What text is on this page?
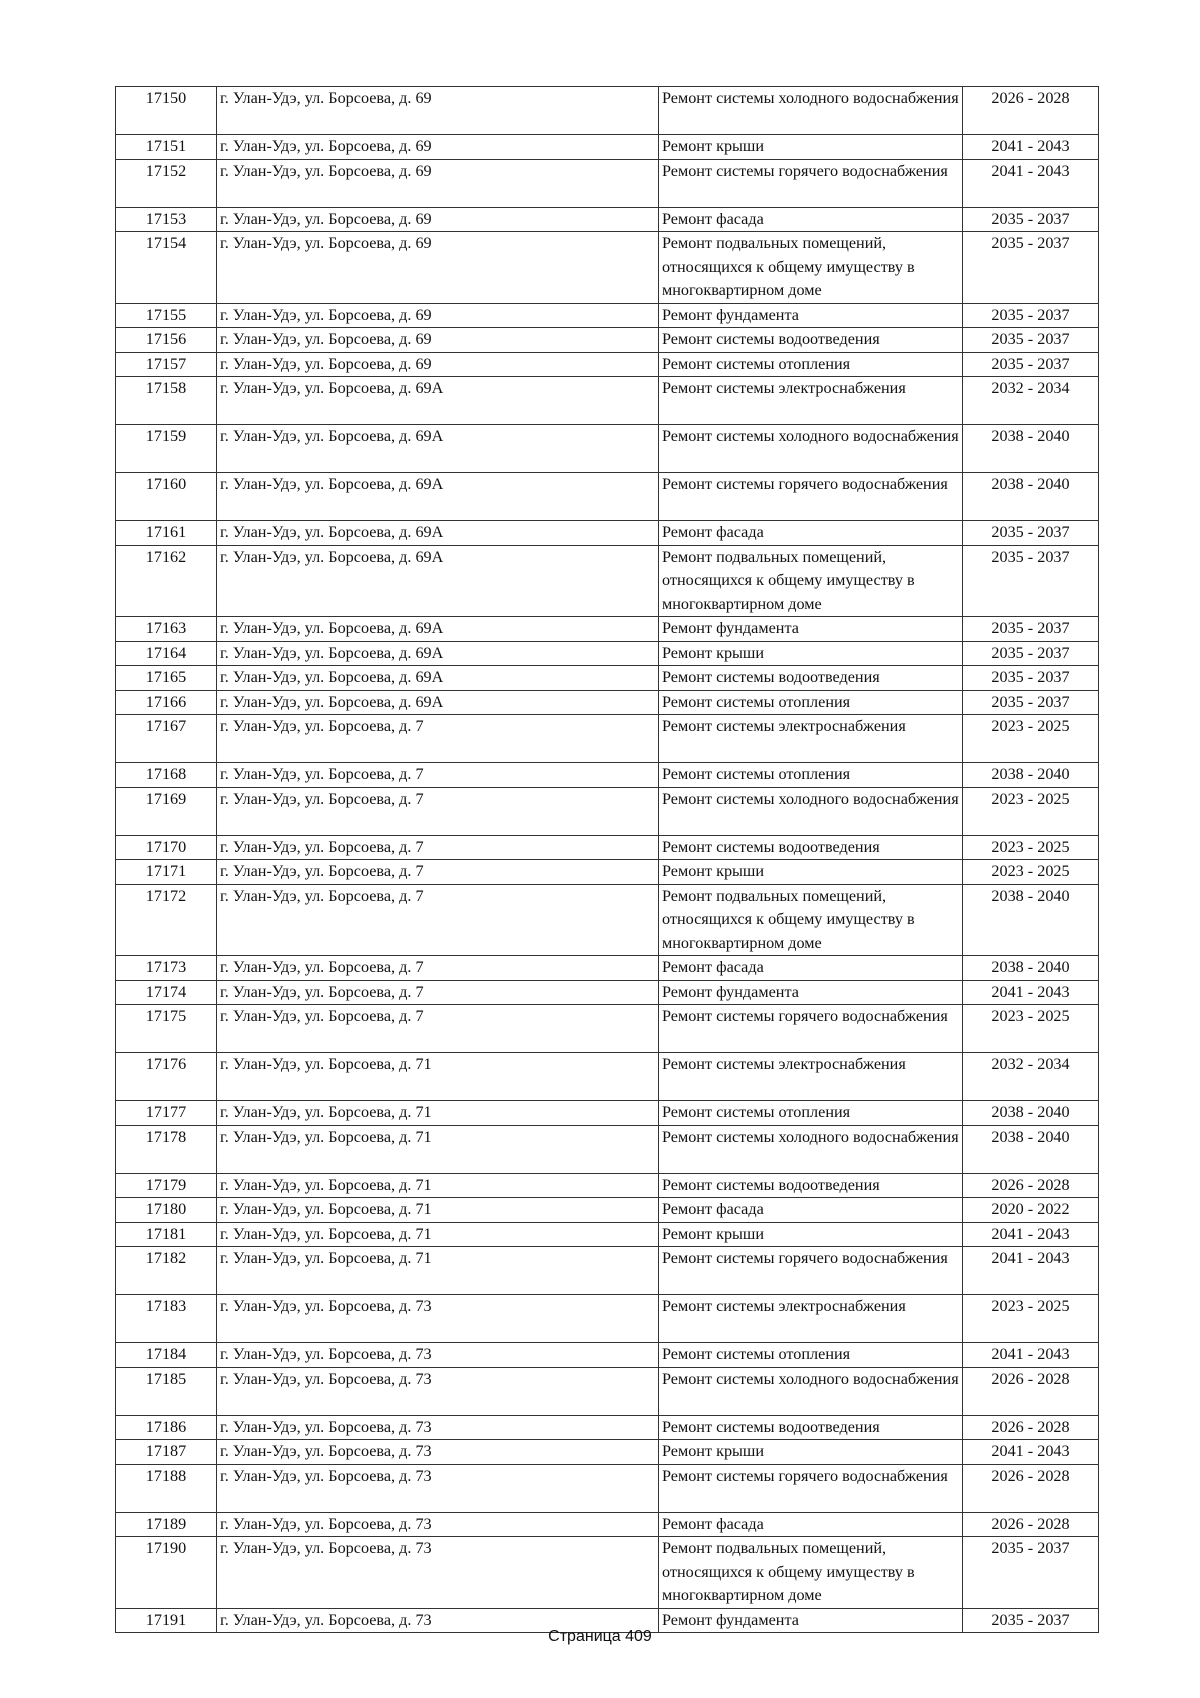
17150	г. Улан-Удэ, ул. Борсоева, д. 69	Ремонт системы холодного водоснабжения	2026 - 2028
17151	г. Улан-Удэ, ул. Борсоева, д. 69	Ремонт крыши	2041 - 2043
17152	г. Улан-Удэ, ул. Борсоева, д. 69	Ремонт системы горячего водоснабжения	2041 - 2043
17153	г. Улан-Удэ, ул. Борсоева, д. 69	Ремонт фасада	2035 - 2037
17154	г. Улан-Удэ, ул. Борсоева, д. 69	Ремонт подвальных помещений, относящихся к общему имуществу в многоквартирном доме	2035 - 2037
17155	г. Улан-Удэ, ул. Борсоева, д. 69	Ремонт фундамента	2035 - 2037
17156	г. Улан-Удэ, ул. Борсоева, д. 69	Ремонт системы водоотведения	2035 - 2037
17157	г. Улан-Удэ, ул. Борсоева, д. 69	Ремонт системы отопления	2035 - 2037
17158	г. Улан-Удэ, ул. Борсоева, д. 69А	Ремонт системы электроснабжения	2032 - 2034
17159	г. Улан-Удэ, ул. Борсоева, д. 69А	Ремонт системы холодного водоснабжения	2038 - 2040
17160	г. Улан-Удэ, ул. Борсоева, д. 69А	Ремонт системы горячего водоснабжения	2038 - 2040
17161	г. Улан-Удэ, ул. Борсоева, д. 69А	Ремонт фасада	2035 - 2037
17162	г. Улан-Удэ, ул. Борсоева, д. 69А	Ремонт подвальных помещений, относящихся к общему имуществу в многоквартирном доме	2035 - 2037
17163	г. Улан-Удэ, ул. Борсоева, д. 69А	Ремонт фундамента	2035 - 2037
17164	г. Улан-Удэ, ул. Борсоева, д. 69А	Ремонт крыши	2035 - 2037
17165	г. Улан-Удэ, ул. Борсоева, д. 69А	Ремонт системы водоотведения	2035 - 2037
17166	г. Улан-Удэ, ул. Борсоева, д. 69А	Ремонт системы отопления	2035 - 2037
17167	г. Улан-Удэ, ул. Борсоева, д. 7	Ремонт системы электроснабжения	2023 - 2025
17168	г. Улан-Удэ, ул. Борсоева, д. 7	Ремонт системы отопления	2038 - 2040
17169	г. Улан-Удэ, ул. Борсоева, д. 7	Ремонт системы холодного водоснабжения	2023 - 2025
17170	г. Улан-Удэ, ул. Борсоева, д. 7	Ремонт системы водоотведения	2023 - 2025
17171	г. Улан-Удэ, ул. Борсоева, д. 7	Ремонт крыши	2023 - 2025
17172	г. Улан-Удэ, ул. Борсоева, д. 7	Ремонт подвальных помещений, относящихся к общему имуществу в многоквартирном доме	2038 - 2040
17173	г. Улан-Удэ, ул. Борсоева, д. 7	Ремонт фасада	2038 - 2040
17174	г. Улан-Удэ, ул. Борсоева, д. 7	Ремонт фундамента	2041 - 2043
17175	г. Улан-Удэ, ул. Борсоева, д. 7	Ремонт системы горячего водоснабжения	2023 - 2025
17176	г. Улан-Удэ, ул. Борсоева, д. 71	Ремонт системы электроснабжения	2032 - 2034
17177	г. Улан-Удэ, ул. Борсоева, д. 71	Ремонт системы отопления	2038 - 2040
17178	г. Улан-Удэ, ул. Борсоева, д. 71	Ремонт системы холодного водоснабжения	2038 - 2040
17179	г. Улан-Удэ, ул. Борсоева, д. 71	Ремонт системы водоотведения	2026 - 2028
17180	г. Улан-Удэ, ул. Борсоева, д. 71	Ремонт фасада	2020 - 2022
17181	г. Улан-Удэ, ул. Борсоева, д. 71	Ремонт крыши	2041 - 2043
17182	г. Улан-Удэ, ул. Борсоева, д. 71	Ремонт системы горячего водоснабжения	2041 - 2043
17183	г. Улан-Удэ, ул. Борсоева, д. 73	Ремонт системы электроснабжения	2023 - 2025
17184	г. Улан-Удэ, ул. Борсоева, д. 73	Ремонт системы отопления	2041 - 2043
17185	г. Улан-Удэ, ул. Борсоева, д. 73	Ремонт системы холодного водоснабжения	2026 - 2028
17186	г. Улан-Удэ, ул. Борсоева, д. 73	Ремонт системы водоотведения	2026 - 2028
17187	г. Улан-Удэ, ул. Борсоева, д. 73	Ремонт крыши	2041 - 2043
17188	г. Улан-Удэ, ул. Борсоева, д. 73	Ремонт системы горячего водоснабжения	2026 - 2028
17189	г. Улан-Удэ, ул. Борсоева, д. 73	Ремонт фасада	2026 - 2028
17190	г. Улан-Удэ, ул. Борсоева, д. 73	Ремонт подвальных помещений, относящихся к общему имуществу в многоквартирном доме	2035 - 2037
17191	г. Улан-Удэ, ул. Борсоева, д. 73	Ремонт фундамента	2035 - 2037
Страница 409
